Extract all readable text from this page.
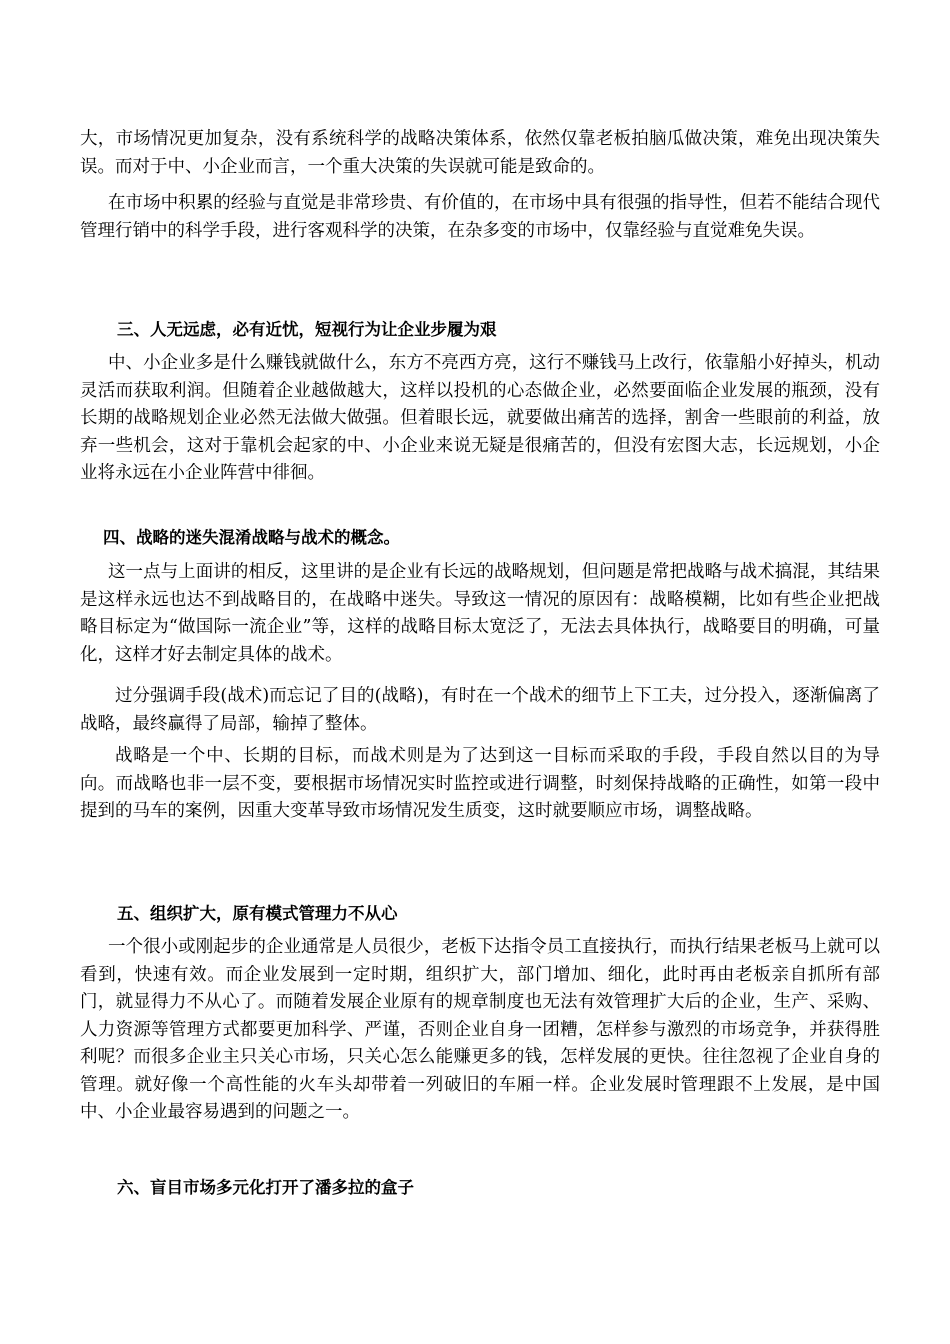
大，市场情况更加复杂，没有系统科学的战略决策体系，依然仅靠老板拍脑瓜做决策，难免出现决策失误。而对于中、小企业而言，一个重大决策的失误就可能是致命的。

在市场中积累的经验与直觉是非常珍贵、有价值的，在市场中具有很强的指导性，但若不能结合现代管理行销中的科学手段，进行客观科学的决策，在杂多变的市场中，仅靠经验与直觉难免失误。

三、人无远虑，必有近忧，短视行为让企业步履为艰

中、小企业多是什么赚钱就做什么，东方不亮西方亮，这行不赚钱马上改行，依靠船小好掉头，机动灵活而获取利润。但随着企业越做越大，这样以投机的心态做企业，必然要面临企业发展的瓶颈，没有长期的战略规划企业必然无法做大做强。但着眼长远，就要做出痛苦的选择，割舍一些眼前的利益，放弃一些机会，这对于靠机会起家的中、小企业来说无疑是很痛苦的，但没有宏图大志，长远规划，小企业将永远在小企业阵营中徘徊。

四、战略的迷失混淆战略与战术的概念。

这一点与上面讲的相反，这里讲的是企业有长远的战略规划，但问题是常把战略与战术搞混，其结果是这样永远也达不到战略目的，在战略中迷失。导致这一情况的原因有：战略模糊，比如有些企业把战略目标定为“做国际一流企业”等，这样的战略目标太宽泛了，无法去具体执行，战略要目的明确，可量化，这样才好去制定具体的战术。

过分强调手段(战术)而忘记了目的(战略)，有时在一个战术的细节上下工夫，过分投入，逐渐偏离了战略，最终赢得了局部，输掉了整体。

战略是一个中、长期的目标，而战术则是为了达到这一目标而采取的手段，手段自然以目的为导向。而战略也非一层不变，要根据市场情况实时监控或进行调整，时刻保持战略的正确性，如第一段中提到的马车的案例，因重大变革导致市场情况发生质变，这时就要顺应市场，调整战略。

五、组织扩大，原有模式管理力不从心

一个很小或刚起步的企业通常是人员很少，老板下达指令员工直接执行，而执行结果老板马上就可以看到，快速有效。而企业发展到一定时期，组织扩大，部门增加、细化，此时再由老板亲自抓所有部门，就显得力不从心了。而随着发展企业原有的规章制度也无法有效管理扩大后的企业，生产、采购、人力资源等管理方式都要更加科学、严谨，否则企业自身一团糟，怎样参与激烈的市场竞争，并获得胜利呢？而很多企业主只关心市场，只关心怎么能赚更多的钱，怎样发展的更快。往往忽视了企业自身的管理。就好像一个高性能的火车头却带着一列破旧的车厢一样。企业发展时管理跟不上发展，是中国中、小企业最容易遇到的问题之一。

六、盲目市场多元化打开了潘多拉的盒子
